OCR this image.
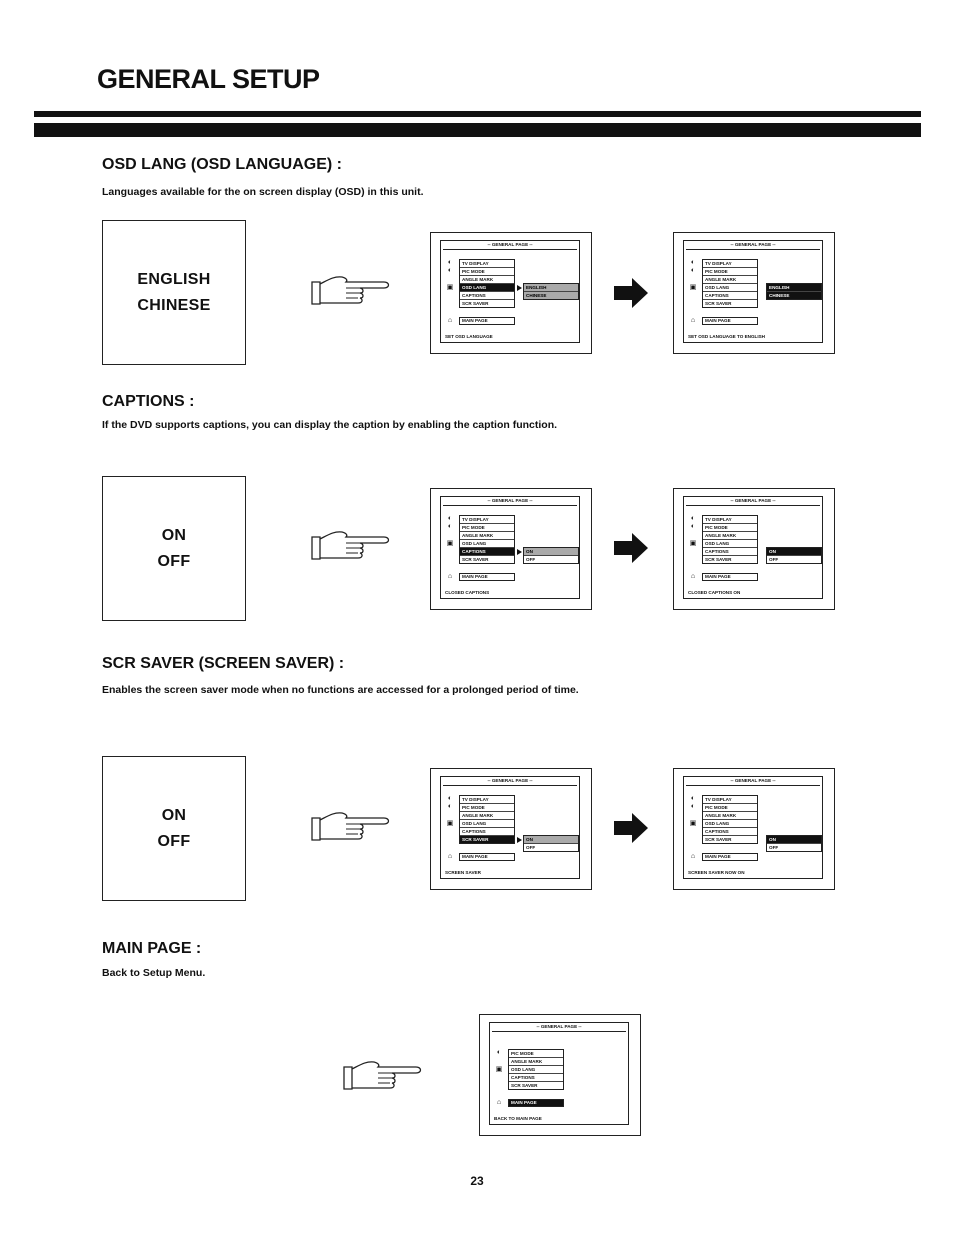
GENERAL SETUP
OSD LANG (OSD LANGUAGE) :

Languages available for the on screen display (OSD) in this unit.

ENGLISH
CHINESE
-- GENERAL PAGE --
◐
◐
▣
⌂
TV DISPLAY
PIC MODE
ANGLE MARK
OSD LANG
CAPTIONS
SCR SAVER
ENGLISH
CHINESE
MAIN PAGE
SET OSD LANGUAGE
-- GENERAL PAGE --
◐
◐
▣
⌂
TV DISPLAY
PIC MODE
ANGLE MARK
OSD LANG
CAPTIONS
SCR SAVER
ENGLISH
CHINESE
MAIN PAGE
SET OSD LANGUAGE TO ENGLISH
CAPTIONS :

If the DVD supports captions, you can display the caption by enabling the caption function.

ON
OFF
-- GENERAL PAGE --
◐
◐
▣
⌂
TV DISPLAY
PIC MODE
ANGLE MARK
OSD LANG
CAPTIONS
SCR SAVER
ON
OFF
MAIN PAGE
CLOSED CAPTIONS
-- GENERAL PAGE --
◐
◐
▣
⌂
TV DISPLAY
PIC MODE
ANGLE MARK
OSD LANG
CAPTIONS
SCR SAVER
ON
OFF
MAIN PAGE
CLOSED CAPTIONS ON
SCR SAVER (SCREEN SAVER) :

Enables the screen saver mode when no functions are accessed for a prolonged period of time.

ON
OFF
-- GENERAL PAGE --
◐
◐
▣
⌂
TV DISPLAY
PIC MODE
ANGLE MARK
OSD LANG
CAPTIONS
SCR SAVER	ON
OFF
MAIN PAGE
SCREEN SAVER
-- GENERAL PAGE --
◐
◐
▣
⌂
TV DISPLAY
PIC MODE
ANGLE MARK
OSD LANG
CAPTIONS
SCR SAVER	ON
OFF
MAIN PAGE
SCREEN SAVER NOW ON
MAIN PAGE :

Back to Setup Menu.

-- GENERAL PAGE --
◐
▣
⌂
PIC MODE
ANGLE MARK
OSD LANG
CAPTIONS
SCR SAVER
MAIN PAGE
BACK TO MAIN PAGE

23
